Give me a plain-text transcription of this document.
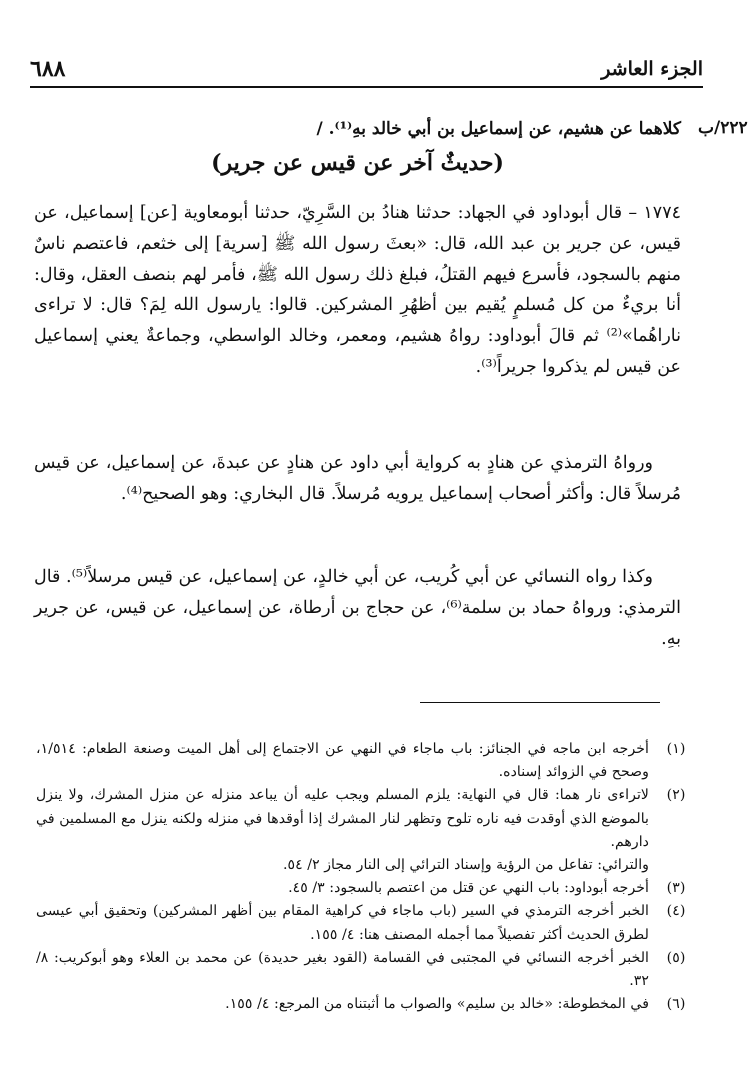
٦٨٨	الجزء العاشر
٢٢٢/ب
كلاهما عن هشيم، عن إسماعيل بن أبي خالد بهِ⁽¹⁾. /
(حديثٌ آخر عن قيس عن جرير)
١٧٧٤ – قال أبوداود في الجهاد: حدثنا هنادُ بن السَّرِيّ، حدثنا أبومعاوية [عن] إسماعيل، عن قيس، عن جرير بن عبد الله، قال: «بعثَ رسول الله ﷺ [سرية] إلى خثعم، فاعتصم ناسٌ منهم بالسجود، فأسرع فيهم القتلُ، فبلغ ذلك رسول الله ﷺ، فأمر لهم بنصف العقل، وقال: أنا بريءٌ من كل مُسلمٍ يُقيم بين أظهُرِ المشركين. قالوا: يارسول الله لِمَ؟ قال: لا تراءى ناراهُما»⁽²⁾ ثم قالَ أبوداود: رواهُ هشيم، ومعمر، وخالد الواسطي، وجماعةٌ يعني إسماعيل عن قيس لم يذكروا جريراً⁽³⁾.
ورواهُ الترمذي عن هنادٍ به كرواية أبي داود عن هنادٍ عن عبدةَ، عن إسماعيل، عن قيس مُرسلاً قال: وأكثر أصحاب إسماعيل يرويه مُرسلاً. قال البخاري: وهو الصحيح⁽⁴⁾.
وكذا رواه النسائي عن أبي كُريب، عن أبي خالدٍ، عن إسماعيل، عن قيس مرسلاً⁽⁵⁾. قال الترمذي: ورواهُ حماد بن سلمة⁽⁶⁾، عن حجاج بن أرطاة، عن إسماعيل، عن قيس، عن جرير بهِ.
(١)

أخرجه ابن ماجه في الجنائز: باب ماجاء في النهي عن الاجتماع إلى أهل الميت وصنعة الطعام: ١/٥١٤، وصحح في الزوائد إسناده.

(٢)

لاتراءى نار هما: قال في النهاية: يلزم المسلم ويجب عليه أن يباعد منزله عن منزل المشرك، ولا ينزل بالموضع الذي أوقدت فيه ناره تلوح وتظهر لنار المشرك إذا أوقدها في منزله ولكنه ينزل مع المسلمين في دارهم.

والترائي: تفاعل من الرؤية وإسناد الترائي إلى النار مجاز ٢/ ٥٤.

(٣)

أخرجه أبوداود: باب النهي عن قتل من اعتصم بالسجود: ٣/ ٤٥.

(٤)

الخبر أخرجه الترمذي في السير (باب ماجاء في كراهية المقام بين أظهر المشركين) وتحقيق أبي عيسى لطرق الحديث أكثر تفصيلاً مما أجمله المصنف هنا: ٤/ ١٥٥.

(٥)

الخبر أخرجه النسائي في المجتبى في القسامة (القود بغير حديدة) عن محمد بن العلاء وهو أبوكريب: ٨/ ٣٢.

(٦)

في المخطوطة: «خالد بن سليم» والصواب ما أثبتناه من المرجع: ٤/ ١٥٥.
